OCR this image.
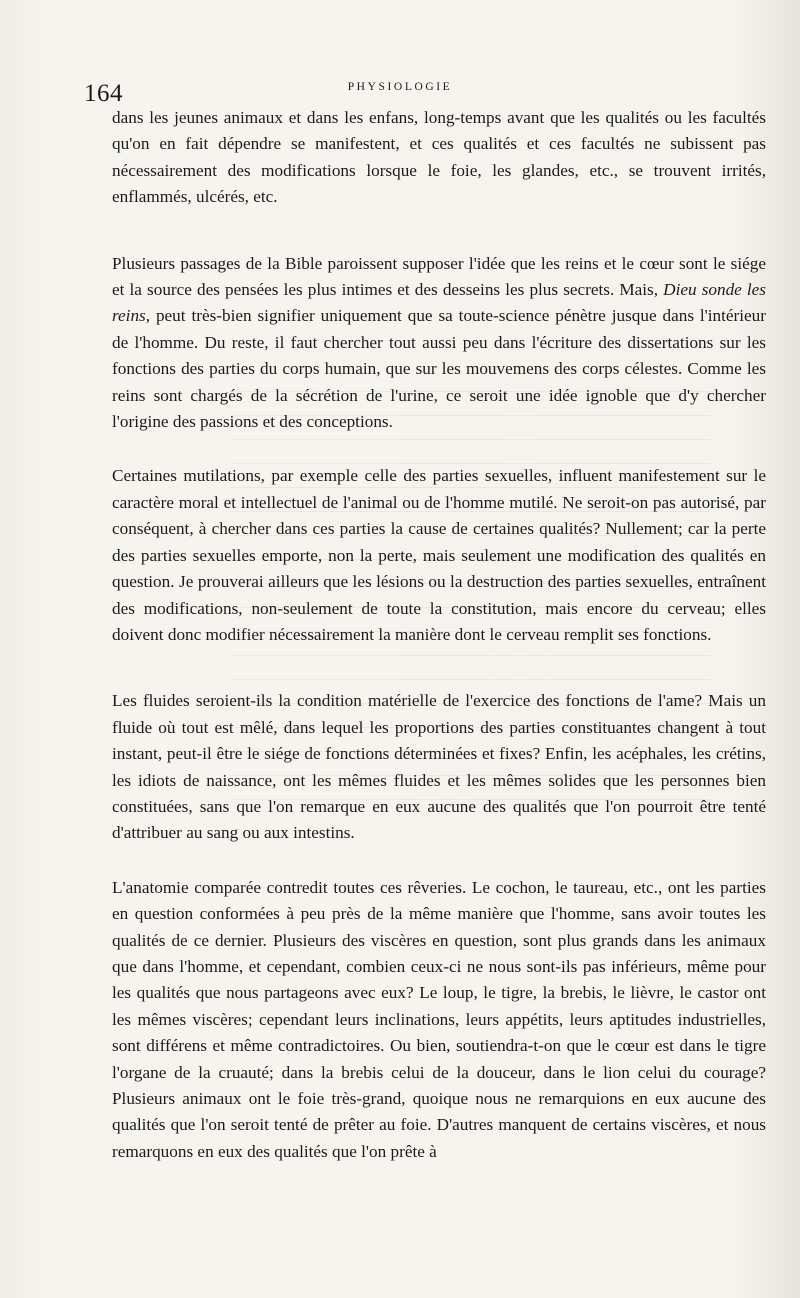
164	PHYSIOLOGIE

dans les jeunes animaux et dans les enfans, long-temps avant que les qualités ou les facultés qu'on en fait dépendre se manifestent, et ces qualités et ces facultés ne subissent pas nécessairement des modifications lorsque le foie, les glandes, etc., se trouvent irrités, enflammés, ulcérés, etc.

Plusieurs passages de la Bible paroissent supposer l'idée que les reins et le cœur sont le siége et la source des pensées les plus intimes et des desseins les plus secrets. Mais, Dieu sonde les reins, peut très-bien signifier uniquement que sa toute-science pénètre jusque dans l'intérieur de l'homme. Du reste, il faut chercher tout aussi peu dans l'écriture des dissertations sur les fonctions des parties du corps humain, que sur les mouvemens des corps célestes. Comme les reins sont chargés de la sécrétion de l'urine, ce seroit une idée ignoble que d'y chercher l'origine des passions et des conceptions.

Certaines mutilations, par exemple celle des parties sexuelles, influent manifestement sur le caractère moral et intellectuel de l'animal ou de l'homme mutilé. Ne seroit-on pas autorisé, par conséquent, à chercher dans ces parties la cause de certaines qualités? Nullement; car la perte des parties sexuelles emporte, non la perte, mais seulement une modification des qualités en question. Je prouverai ailleurs que les lésions ou la destruction des parties sexuelles, entraînent des modifications, non-seulement de toute la constitution, mais encore du cerveau; elles doivent donc modifier nécessairement la manière dont le cerveau remplit ses fonctions.

Les fluides seroient-ils la condition matérielle de l'exercice des fonctions de l'ame? Mais un fluide où tout est mêlé, dans lequel les proportions des parties constituantes changent à tout instant, peut-il être le siége de fonctions déterminées et fixes? Enfin, les acéphales, les crétins, les idiots de naissance, ont les mêmes fluides et les mêmes solides que les personnes bien constituées, sans que l'on remarque en eux aucune des qualités que l'on pourroit être tenté d'attribuer au sang ou aux intestins.

L'anatomie comparée contredit toutes ces rêveries. Le cochon, le taureau, etc., ont les parties en question conformées à peu près de la même manière que l'homme, sans avoir toutes les qualités de ce dernier. Plusieurs des viscères en question, sont plus grands dans les animaux que dans l'homme, et cependant, combien ceux-ci ne nous sont-ils pas inférieurs, même pour les qualités que nous partageons avec eux? Le loup, le tigre, la brebis, le lièvre, le castor ont les mêmes viscères; cependant leurs inclinations, leurs appétits, leurs aptitudes industrielles, sont différens et même contradictoires. Ou bien, soutiendra-t-on que le cœur est dans le tigre l'organe de la cruauté; dans la brebis celui de la douceur, dans le lion celui du courage? Plusieurs animaux ont le foie très-grand, quoique nous ne remarquions en eux aucune des qualités que l'on seroit tenté de prêter au foie. D'autres manquent de certains viscères, et nous remarquons en eux des qualités que l'on prête à
